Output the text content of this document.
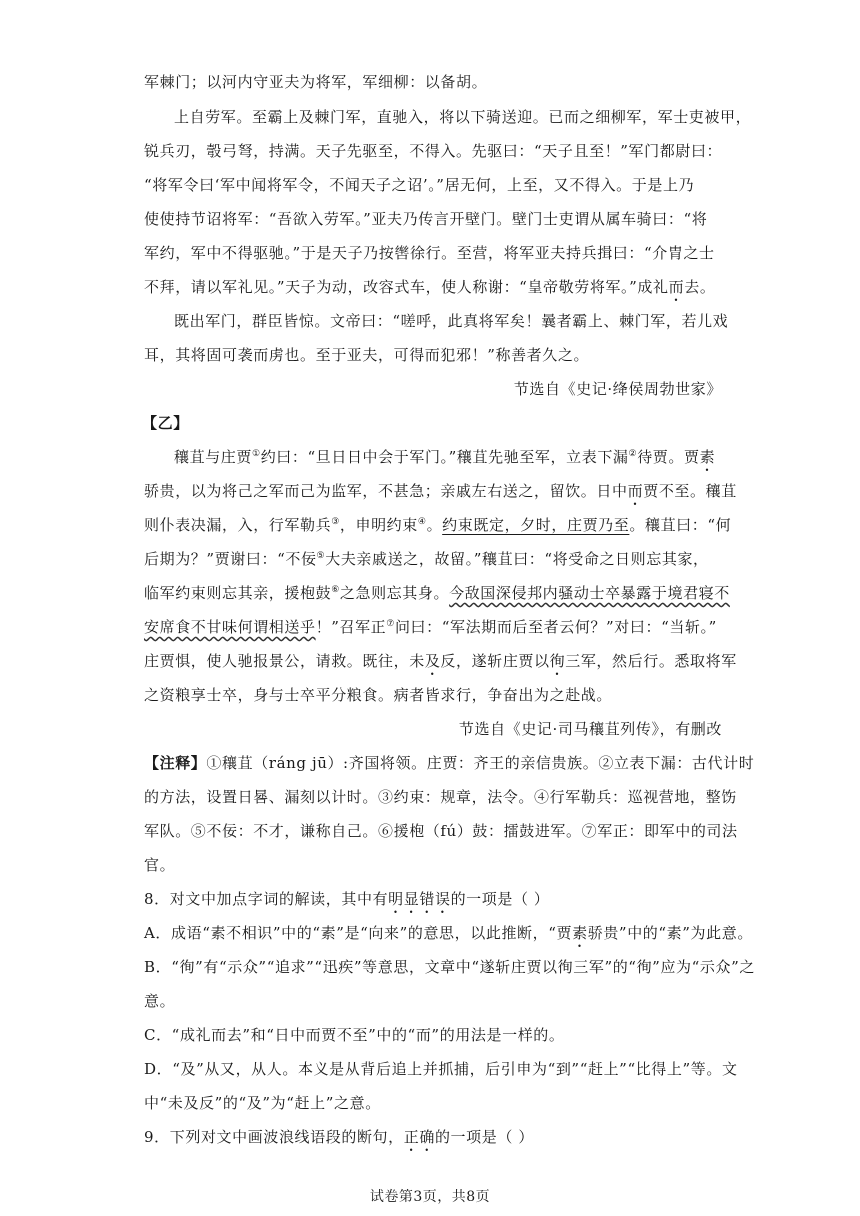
军棘门；以河内守亚夫为将军，军细柳：以备胡。
上自劳军。至霸上及棘门军，直驰入，将以下骑送迎。已而之细柳军，军士吏被甲，
锐兵刃，彀弓弩，持满。天子先驱至，不得入。先驱曰：“天子且至！”军门都尉曰：
“将军令曰‘军中闻将军令，不闻天子之诏’。”居无何，上至，又不得入。于是上乃
使使持节诏将军：“吾欲入劳军。”亚夫乃传言开壁门。壁门士吏谓从属车骑曰：“将
军约，军中不得驱驰。”于是天子乃按辔徐行。至营，将军亚夫持兵揖曰：“介胄之士
不拜，请以军礼见。”天子为动，改容式车，使人称谢：“皇帝敬劳将军。”成礼而去。
既出军门，群臣皆惊。文帝曰：“嗟呼，此真将军矣！曩者霸上、棘门军，若儿戏
耳，其将固可袭而虏也。至于亚夫，可得而犯邪！”称善者久之。
节选自《史记·绛侯周勃世家》
【乙】
穰苴与庄贾①约曰：“旦日日中会于军门。”穰苴先驰至军，立表下漏②待贾。贾素
骄贵，以为将己之军而己为监军，不甚急；亲戚左右送之，留饮。日中而贾不至。穰苴
则仆表决漏，入，行军勒兵③，申明约束④。约束既定，夕时，庄贾乃至。穰苴曰：“何
后期为？”贾谢曰：“不佞⑤大夫亲戚送之，故留。”穰苴曰：“将受命之日则忘其家，
临军约束则忘其亲，援枹鼓⑥之急则忘其身。今敌国深侵邦内骚动士卒暴露于境君寝不
安席食不甘味何谓相送乎！”召军正⑦问曰：“军法期而后至者云何？”对曰：“当斩。”
庄贾惧，使人驰报景公，请救。既往，未及反，遂斩庄贾以徇三军，然后行。悉取将军
之资粮享士卒，身与士卒平分粮食。病者皆求行，争奋出为之赴战。
节选自《史记·司马穰苴列传》，有删改
【注释】①穰苴（ráng jū）:齐国将领。庄贾：齐王的亲信贵族。②立表下漏：古代计时
的方法，设置日晷、漏刻以计时。③约束：规章，法令。④行军勒兵：巡视营地，整饬
军队。⑤不佞：不才，谦称自己。⑥援枹（fú）鼓：擂鼓进军。⑦军正：即军中的司法
官。
8．对文中加点字词的解读，其中有明显错误的一项是（ ）
A．成语“素不相识”中的“素”是“向来”的意思，以此推断，“贾素骄贵”中的“素”为此意。
B．“徇”有“示众”“追求”“迅疾”等意思，文章中“遂斩庄贾以徇三军”的“徇”应为“示众”之
意。
C．“成礼而去”和“日中而贾不至”中的“而”的用法是一样的。
D．“及”从又，从人。本义是从背后追上并抓捕，后引申为“到”“赶上”“比得上”等。文
中“未及反”的“及”为“赶上”之意。
9．下列对文中画波浪线语段的断句，正确的一项是（ ）
试卷第3页，共8页
